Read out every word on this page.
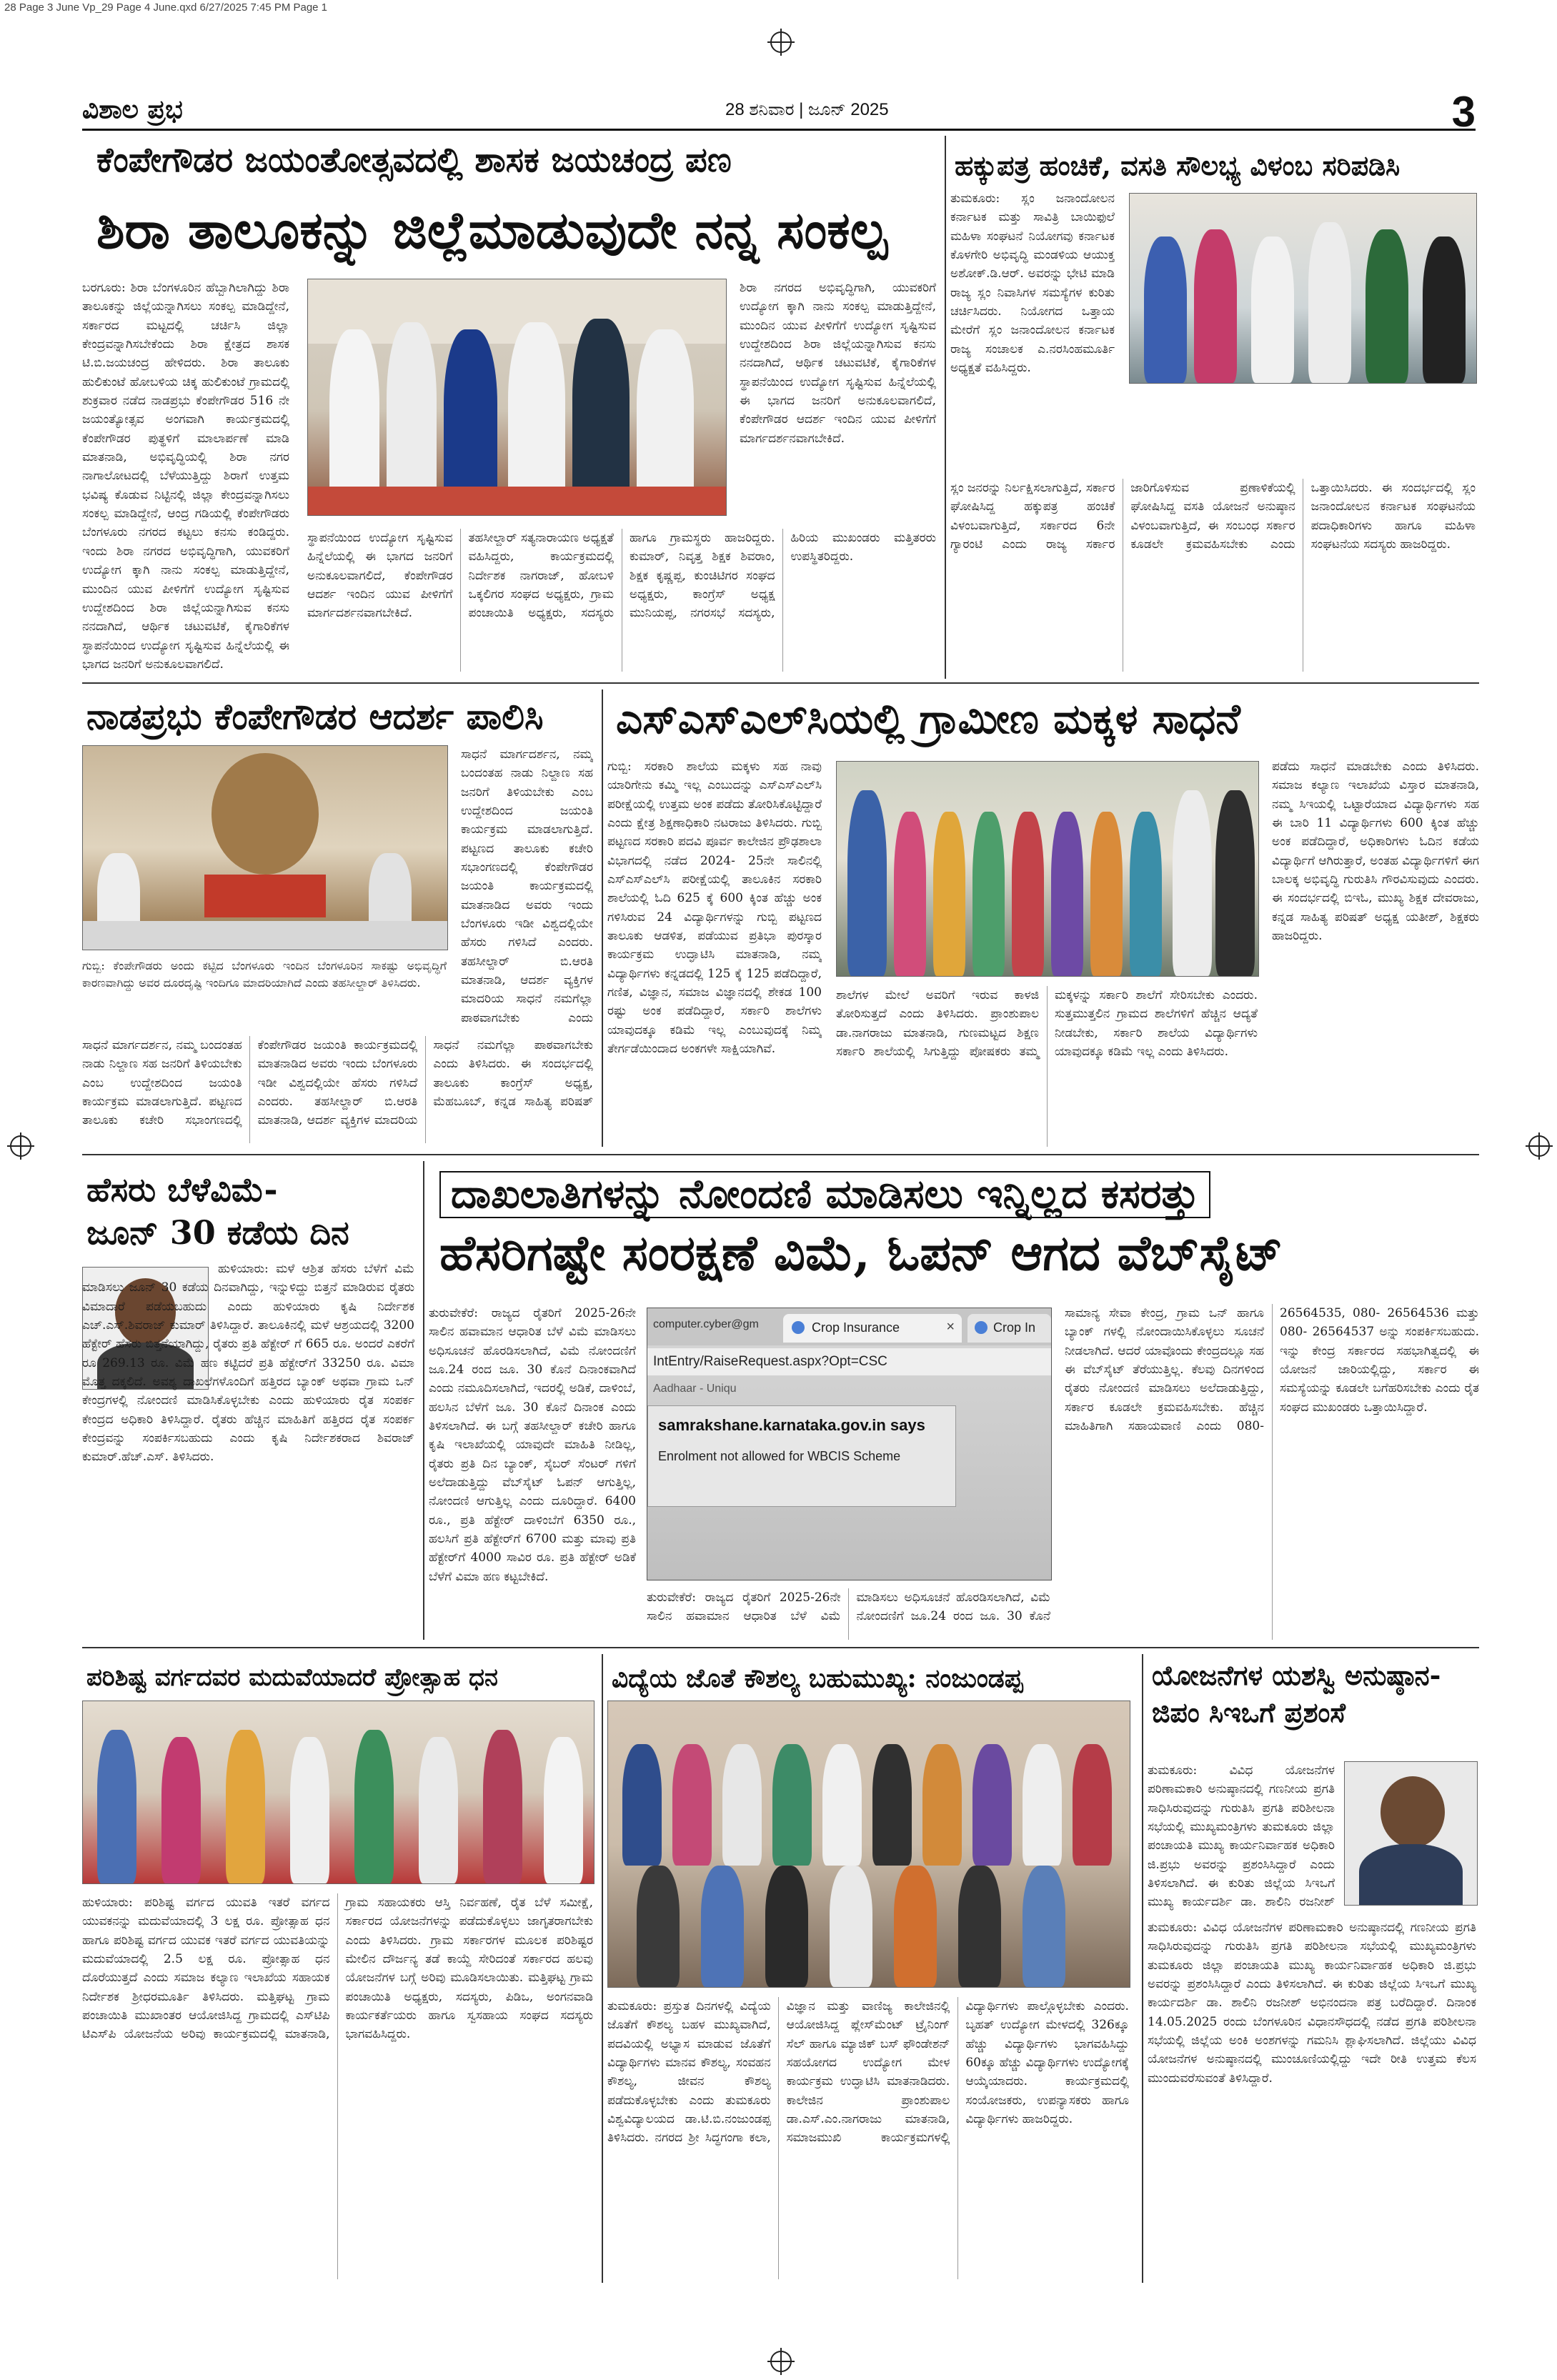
28 Page 3 June Vp_29 Page 4 June.qxd 6/27/2025 7:45 PM Page 1
ವಿಶಾಲ ಪ್ರಭ	28 ಶನಿವಾರ | ಜೂನ್ 2025	3
ಕೆಂಪೇಗೌಡರ ಜಯಂತೋತ್ಸವದಲ್ಲಿ ಶಾಸಕ ಜಯಚಂದ್ರ ಪಣ
ಶಿರಾ ತಾಲೂಕನ್ನು ಜಿಲ್ಲೆಮಾಡುವುದೇ ನನ್ನ ಸಂಕಲ್ಪ
ಬರಗೂರು: ಶಿರಾ ಬೆಂಗಳೂರಿನ ಹೆಬ್ಬಾಗಿಲಾಗಿದ್ದು ಶಿರಾ ತಾಲೂಕನ್ನು ಜಿಲ್ಲೆಯನ್ನಾಗಿಸಲು ಸಂಕಲ್ಪ ಮಾಡಿದ್ದೇನೆ, ಸರ್ಕಾರದ ಮಟ್ಟದಲ್ಲಿ ಚರ್ಚಿಸಿ ಜಿಲ್ಲಾ ಕೇಂದ್ರವನ್ನಾಗಿಸಬೇಕೆಂದು ಶಿರಾ ಕ್ಷೇತ್ರದ ಶಾಸಕ ಟಿ.ಬಿ.ಜಯಚಂದ್ರ ಹೇಳಿದರು. ಶಿರಾ ತಾಲೂಕು ಹುಲಿಕುಂಟೆ ಹೋಬಳಿಯ ಚಿಕ್ಕ ಹುಲಿಕುಂಟೆ ಗ್ರಾಮದಲ್ಲಿ ಶುಕ್ರವಾರ ನಡೆದ ನಾಡಪ್ರಭು ಕೆಂಪೇಗೌಡರ 516 ನೇ ಜಯಂತ್ಯೋತ್ಸವ ಅಂಗವಾಗಿ ಕಾರ್ಯಕ್ರಮದಲ್ಲಿ ಕೆಂಪೇಗೌಡರ ಪುತ್ಥಳಿಗೆ ಮಾಲಾರ್ಪಣೆ ಮಾಡಿ ಮಾತನಾಡಿ, ಅಭಿವೃದ್ಧಿಯಲ್ಲಿ ಶಿರಾ ನಗರ ನಾಗಾಲೋಟದಲ್ಲಿ ಬೆಳೆಯುತ್ತಿದ್ದು ಶಿರಾಗೆ ಉತ್ತಮ ಭವಿಷ್ಯ ಕೊಡುವ ನಿಟ್ಟಿನಲ್ಲಿ ಜಿಲ್ಲಾ ಕೇಂದ್ರವನ್ನಾಗಿಸಲು ಸಂಕಲ್ಪ ಮಾಡಿದ್ದೇನೆ, ಆಂದ್ರ ಗಡಿಯಲ್ಲಿ ಕೆಂಪೇಗೌಡರು ಬೆಂಗಳೂರು ನಗರದ ಕಟ್ಟಲು ಕನಸು ಕಂಡಿದ್ದರು. ಇಂದು ಶಿರಾ ನಗರದ ಅಭಿವೃದ್ಧಿಗಾಗಿ, ಯುವಕರಿಗೆ ಉದ್ಯೋಗ ಕ್ಕಾಗಿ ನಾನು ಸಂಕಲ್ಪ ಮಾಡುತ್ತಿದ್ದೇನೆ, ಮುಂದಿನ ಯುವ ಪೀಳಿಗೆಗೆ ಉದ್ಯೋಗ ಸೃಷ್ಟಿಸುವ ಉದ್ದೇಶದಿಂದ ಶಿರಾ ಜಿಲ್ಲೆಯನ್ನಾಗಿಸುವ ಕನಸು ನನದಾಗಿದೆ, ಆರ್ಥಿಕ ಚಟುವಟಿಕೆ, ಕೈಗಾರಿಕೆಗಳ ಸ್ಥಾಪನೆಯಿಂದ ಉದ್ಯೋಗ ಸೃಷ್ಟಿಸುವ ಹಿನ್ನೆಲೆಯಲ್ಲಿ ಈ ಭಾಗದ ಜನರಿಗೆ ಅನುಕೂಲವಾಗಲಿದೆ.
ಶಿರಾ ನಗರದ ಅಭಿವೃದ್ಧಿಗಾಗಿ, ಯುವಕರಿಗೆ ಉದ್ಯೋಗ ಕ್ಕಾಗಿ ನಾನು ಸಂಕಲ್ಪ ಮಾಡುತ್ತಿದ್ದೇನೆ, ಮುಂದಿನ ಯುವ ಪೀಳಿಗೆಗೆ ಉದ್ಯೋಗ ಸೃಷ್ಟಿಸುವ ಉದ್ದೇಶದಿಂದ ಶಿರಾ ಜಿಲ್ಲೆಯನ್ನಾಗಿಸುವ ಕನಸು ನನದಾಗಿದೆ, ಆರ್ಥಿಕ ಚಟುವಟಿಕೆ, ಕೈಗಾರಿಕೆಗಳ ಸ್ಥಾಪನೆಯಿಂದ ಉದ್ಯೋಗ ಸೃಷ್ಟಿಸುವ ಹಿನ್ನೆಲೆಯಲ್ಲಿ ಈ ಭಾಗದ ಜನರಿಗೆ ಅನುಕೂಲವಾಗಲಿದೆ, ಕೆಂಪೇಗೌಡರ ಆದರ್ಶ ಇಂದಿನ ಯುವ ಪೀಳಿಗೆಗೆ ಮಾರ್ಗದರ್ಶನವಾಗಬೇಕಿದೆ.
ಸ್ಥಾಪನೆಯಿಂದ ಉದ್ಯೋಗ ಸೃಷ್ಟಿಸುವ ಹಿನ್ನೆಲೆಯಲ್ಲಿ ಈ ಭಾಗದ ಜನರಿಗೆ ಅನುಕೂಲವಾಗಲಿದೆ, ಕೆಂಪೇಗೌಡರ ಆದರ್ಶ ಇಂದಿನ ಯುವ ಪೀಳಿಗೆಗೆ ಮಾರ್ಗದರ್ಶನವಾಗಬೇಕಿದೆ. ತಹಸೀಲ್ದಾರ್ ಸತ್ಯನಾರಾಯಣ ಅಧ್ಯಕ್ಷತೆ ವಹಿಸಿದ್ದರು, ಕಾರ್ಯಕ್ರಮದಲ್ಲಿ ನಿರ್ದೇಶಕ ನಾಗರಾಜ್, ಹೋಬಳಿ ಒಕ್ಕಲಿಗರ ಸಂಘದ ಅಧ್ಯಕ್ಷರು, ಗ್ರಾಮ ಪಂಚಾಯಿತಿ ಅಧ್ಯಕ್ಷರು, ಸದಸ್ಯರು ಹಾಗೂ ಗ್ರಾಮಸ್ಥರು ಹಾಜರಿದ್ದರು. ಕುಮಾರ್, ನಿವೃತ್ತ ಶಿಕ್ಷಕ ಶಿವರಾಂ, ಶಿಕ್ಷಕ ಕೃಷ್ಣಪ್ಪ, ಕುಂಚಿಟಿಗರ ಸಂಘದ ಅಧ್ಯಕ್ಷರು, ಕಾಂಗ್ರೆಸ್ ಅಧ್ಯಕ್ಷ ಮುನಿಯಪ್ಪ, ನಗರಸಭೆ ಸದಸ್ಯರು, ಹಿರಿಯ ಮುಖಂಡರು ಮತ್ತಿತರರು ಉಪಸ್ಥಿತರಿದ್ದರು.
ಹಕ್ಕುಪತ್ರ ಹಂಚಿಕೆ, ವಸತಿ ಸೌಲಭ್ಯ ವಿಳಂಬ ಸರಿಪಡಿಸಿ
ತುಮಕೂರು: ಸ್ಲಂ ಜನಾಂದೋಲನ ಕರ್ನಾಟಕ ಮತ್ತು ಸಾವಿತ್ರಿ ಬಾಯಿಫುಲೆ ಮಹಿಳಾ ಸಂಘಟನೆ ನಿಯೋಗವು ಕರ್ನಾಟಕ ಕೊಳಗೇರಿ ಅಭಿವೃದ್ಧಿ ಮಂಡಳಿಯ ಆಯುಕ್ತ ಅಶೋಕ್.ಡಿ.ಆರ್. ಅವರನ್ನು ಭೇಟಿ ಮಾಡಿ ರಾಜ್ಯ ಸ್ಲಂ ನಿವಾಸಿಗಳ ಸಮಸ್ಯೆಗಳ ಕುರಿತು ಚರ್ಚಿಸಿದರು. ನಿಯೋಗದ ಒತ್ತಾಯ ಮೇರೆಗೆ ಸ್ಲಂ ಜನಾಂದೋಲನ ಕರ್ನಾಟಕ ರಾಜ್ಯ ಸಂಚಾಲಕ ಎ.ನರಸಿಂಹಮೂರ್ತಿ ಅಧ್ಯಕ್ಷತೆ ವಹಿಸಿದ್ದರು.
ಸ್ಲಂ ಜನರನ್ನು ನಿರ್ಲಕ್ಷಿಸಲಾಗುತ್ತಿದೆ, ಸರ್ಕಾರ ಘೋಷಿಸಿದ್ದ ಹಕ್ಕುಪತ್ರ ಹಂಚಿಕೆ ವಿಳಂಬವಾಗುತ್ತಿದೆ, ಸರ್ಕಾರದ 6ನೇ ಗ್ಯಾರಂಟಿ ಎಂದು ರಾಜ್ಯ ಸರ್ಕಾರ ಜಾರಿಗೊಳಿಸುವ ಪ್ರಣಾಳಿಕೆಯಲ್ಲಿ ಘೋಷಿಸಿದ್ದ ವಸತಿ ಯೋಜನೆ ಅನುಷ್ಠಾನ ವಿಳಂಬವಾಗುತ್ತಿದೆ, ಈ ಸಂಬಂಧ ಸರ್ಕಾರ ಕೂಡಲೇ ಕ್ರಮವಹಿಸಬೇಕು ಎಂದು ಒತ್ತಾಯಿಸಿದರು. ಈ ಸಂದರ್ಭದಲ್ಲಿ ಸ್ಲಂ ಜನಾಂದೋಲನ ಕರ್ನಾಟಕ ಸಂಘಟನೆಯ ಪದಾಧಿಕಾರಿಗಳು ಹಾಗೂ ಮಹಿಳಾ ಸಂಘಟನೆಯ ಸದಸ್ಯರು ಹಾಜರಿದ್ದರು.
ನಾಡಪ್ರಭು ಕೆಂಪೇಗೌಡರ ಆದರ್ಶ ಪಾಲಿಸಿ
ಗುಬ್ಬಿ: ಕೆಂಪೇಗೌಡರು ಅಂದು ಕಟ್ಟಿದ ಬೆಂಗಳೂರು ಇಂದಿನ ಬೆಂಗಳೂರಿನ ಸಾಕಷ್ಟು ಅಭಿವೃದ್ಧಿಗೆ ಕಾರಣವಾಗಿದ್ದು ಅವರ ದೂರದೃಷ್ಟಿ ಇಂದಿಗೂ ಮಾದರಿಯಾಗಿದೆ ಎಂದು ತಹಸೀಲ್ದಾರ್ ತಿಳಿಸಿದರು.
ಸಾಧನೆ ಮಾರ್ಗದರ್ಶನ, ನಮ್ಮ ಬಂದಂತಹ ನಾಡು ನಿಲ್ದಾಣ ಸಹ ಜನರಿಗೆ ತಿಳಿಯಬೇಕು ಎಂಬ ಉದ್ದೇಶದಿಂದ ಜಯಂತಿ ಕಾರ್ಯಕ್ರಮ ಮಾಡಲಾಗುತ್ತಿದೆ. ಪಟ್ಟಣದ ತಾಲೂಕು ಕಚೇರಿ ಸಭಾಂಗಣದಲ್ಲಿ ಕೆಂಪೇಗೌಡರ ಜಯಂತಿ ಕಾರ್ಯಕ್ರಮದಲ್ಲಿ ಮಾತನಾಡಿದ ಅವರು ಇಂದು ಬೆಂಗಳೂರು ಇಡೀ ವಿಶ್ವದಲ್ಲಿಯೇ ಹೆಸರು ಗಳಿಸಿದೆ ಎಂದರು. ತಹಸೀಲ್ದಾರ್ ಬಿ.ಆರತಿ ಮಾತನಾಡಿ, ಆದರ್ಶ ವ್ಯಕ್ತಿಗಳ ಮಾದರಿಯ ಸಾಧನೆ ನಮಗೆಲ್ಲಾ ಪಾಠವಾಗಬೇಕು ಎಂದು
ಸಾಧನೆ ಮಾರ್ಗದರ್ಶನ, ನಮ್ಮ ಬಂದಂತಹ ನಾಡು ನಿಲ್ದಾಣ ಸಹ ಜನರಿಗೆ ತಿಳಿಯಬೇಕು ಎಂಬ ಉದ್ದೇಶದಿಂದ ಜಯಂತಿ ಕಾರ್ಯಕ್ರಮ ಮಾಡಲಾಗುತ್ತಿದೆ. ಪಟ್ಟಣದ ತಾಲೂಕು ಕಚೇರಿ ಸಭಾಂಗಣದಲ್ಲಿ ಕೆಂಪೇಗೌಡರ ಜಯಂತಿ ಕಾರ್ಯಕ್ರಮದಲ್ಲಿ ಮಾತನಾಡಿದ ಅವರು ಇಂದು ಬೆಂಗಳೂರು ಇಡೀ ವಿಶ್ವದಲ್ಲಿಯೇ ಹೆಸರು ಗಳಿಸಿದೆ ಎಂದರು. ತಹಸೀಲ್ದಾರ್ ಬಿ.ಆರತಿ ಮಾತನಾಡಿ, ಆದರ್ಶ ವ್ಯಕ್ತಿಗಳ ಮಾದರಿಯ ಸಾಧನೆ ನಮಗೆಲ್ಲಾ ಪಾಠವಾಗಬೇಕು ಎಂದು ತಿಳಿಸಿದರು. ಈ ಸಂದರ್ಭದಲ್ಲಿ ತಾಲೂಕು ಕಾಂಗ್ರೆಸ್ ಅಧ್ಯಕ್ಷ, ಮೆಹಬೂಬ್, ಕನ್ನಡ ಸಾಹಿತ್ಯ ಪರಿಷತ್
ಎಸ್‌ಎಸ್‌ಎಲ್‌ಸಿಯಲ್ಲಿ ಗ್ರಾಮೀಣ ಮಕ್ಕಳ ಸಾಧನೆ
ಗುಬ್ಬಿ: ಸರಕಾರಿ ಶಾಲೆಯ ಮಕ್ಕಳು ಸಹ ನಾವು ಯಾರಿಗೇನು ಕಮ್ಮಿ ಇಲ್ಲ ಎಂಬುದನ್ನು ಎಸ್‌ಎಸ್‌ಎಲ್‌ಸಿ ಪರೀಕ್ಷೆಯಲ್ಲಿ ಉತ್ತಮ ಅಂಕ ಪಡೆದು ತೋರಿಸಿಕೊಟ್ಟಿದ್ದಾರೆ ಎಂದು ಕ್ಷೇತ್ರ ಶಿಕ್ಷಣಾಧಿಕಾರಿ ನಟರಾಜು ತಿಳಿಸಿದರು. ಗುಬ್ಬಿ ಪಟ್ಟಣದ ಸರಕಾರಿ ಪದವಿ ಪೂರ್ವ ಕಾಲೇಜಿನ ಪ್ರೌಢಶಾಲಾ ವಿಭಾಗದಲ್ಲಿ ನಡೆದ 2024- 25ನೇ ಸಾಲಿನಲ್ಲಿ ಎಸ್‌ಎಸ್‌ಎಲ್‌ಸಿ ಪರೀಕ್ಷೆಯಲ್ಲಿ ತಾಲೂಕಿನ ಸರಕಾರಿ ಶಾಲೆಯಲ್ಲಿ ಓದಿ 625 ಕ್ಕೆ 600 ಕ್ಕಿಂತ ಹೆಚ್ಚು ಅಂಕ ಗಳಿಸಿರುವ 24 ವಿದ್ಯಾರ್ಥಿಗಳನ್ನು ಗುಬ್ಬಿ ಪಟ್ಟಣದ ತಾಲೂಕು ಆಡಳಿತ, ಪಡೆಯುವ ಪ್ರತಿಭಾ ಪುರಸ್ಕಾರ ಕಾರ್ಯಕ್ರಮ ಉದ್ಘಾಟಿಸಿ ಮಾತನಾಡಿ, ನಮ್ಮ ವಿದ್ಯಾರ್ಥಿಗಳು ಕನ್ನಡದಲ್ಲಿ 125 ಕ್ಕೆ 125 ಪಡೆದಿದ್ದಾರೆ, ಗಣಿತ, ವಿಜ್ಞಾನ, ಸಮಾಜ ವಿಜ್ಞಾನದಲ್ಲಿ ಶೇಕಡ 100 ರಷ್ಟು ಅಂಕ ಪಡೆದಿದ್ದಾರೆ, ಸರ್ಕಾರಿ ಶಾಲೆಗಳು ಯಾವುದಕ್ಕೂ ಕಡಿಮೆ ಇಲ್ಲ ಎಂಬುವುದಕ್ಕೆ ನಿಮ್ಮ ತೇರ್ಗಡೆಯಿಂದಾದ ಅಂಕಗಳೇ ಸಾಕ್ಷಿಯಾಗಿವೆ.
ಪಡೆದು ಸಾಧನೆ ಮಾಡಬೇಕು ಎಂದು ತಿಳಿಸಿದರು. ಸಮಾಜ ಕಲ್ಯಾಣ ಇಲಾಖೆಯ ವಿಸ್ತಾರ ಮಾತನಾಡಿ, ನಮ್ಮ ಸಿಇಯಲ್ಲಿ ಒಟ್ಟಾರೆಯಾದ ವಿದ್ಯಾರ್ಥಿಗಳು ಸಹ ಈ ಬಾರಿ 11 ವಿದ್ಯಾರ್ಥಿಗಳು 600 ಕ್ಕಿಂತ ಹೆಚ್ಚು ಅಂಕ ಪಡೆದಿದ್ದಾರೆ, ಅಧಿಕಾರಿಗಳು ಓದಿನ ಕಡೆಯ ವಿದ್ಯಾರ್ಥಿಗೆ ಆಗಿರುತ್ತಾರೆ, ಅಂತಹ ವಿದ್ಯಾರ್ಥಿಗಳಿಗೆ ಈಗ ಬಾಲಕ್ಕ ಅಭಿವೃದ್ಧಿ ಗುರುತಿಸಿ ಗೌರವಿಸುವುದು ಎಂದರು. ಈ ಸಂದರ್ಭದಲ್ಲಿ ಬಿಇಓ, ಮುಖ್ಯ ಶಿಕ್ಷಕ ದೇವರಾಜು, ಕನ್ನಡ ಸಾಹಿತ್ಯ ಪರಿಷತ್ ಅಧ್ಯಕ್ಷ ಯತೀಶ್, ಶಿಕ್ಷಕರು ಹಾಜರಿದ್ದರು.
ಶಾಲೆಗಳ ಮೇಲೆ ಅವರಿಗೆ ಇರುವ ಕಾಳಜಿ ತೋರಿಸುತ್ತದೆ ಎಂದು ತಿಳಿಸಿದರು. ಪ್ರಾಂಶುಪಾಲ ಡಾ.ನಾಗರಾಜು ಮಾತನಾಡಿ, ಗುಣಮಟ್ಟದ ಶಿಕ್ಷಣ ಸರ್ಕಾರಿ ಶಾಲೆಯಲ್ಲಿ ಸಿಗುತ್ತಿದ್ದು ಪೋಷಕರು ತಮ್ಮ ಮಕ್ಕಳನ್ನು ಸರ್ಕಾರಿ ಶಾಲೆಗೆ ಸೇರಿಸಬೇಕು ಎಂದರು. ಸುತ್ತಮುತ್ತಲಿನ ಗ್ರಾಮದ ಶಾಲೆಗಳಿಗೆ ಹೆಚ್ಚಿನ ಆದ್ಯತೆ ನೀಡಬೇಕು, ಸರ್ಕಾರಿ ಶಾಲೆಯ ವಿದ್ಯಾರ್ಥಿಗಳು ಯಾವುದಕ್ಕೂ ಕಡಿಮೆ ಇಲ್ಲ ಎಂದು ತಿಳಿಸಿದರು.
ಹೆಸರು ಬೆಳೆವಿಮೆ-
ಜೂನ್ 30 ಕಡೆಯ ದಿನ
ಹುಳಿಯಾರು: ಮಳೆ ಆಶ್ರಿತ ಹೆಸರು ಬೆಳೆಗೆ ವಿಮೆ ಮಾಡಿಸಲು ಜೂನ್ 30 ಕಡೆಯ ದಿನವಾಗಿದ್ದು, ಇನ್ನುಳಿದ್ದು ಬಿತ್ತನೆ ಮಾಡಿರುವ ರೈತರು ವಿಮಾದಾರೆ ಪಡೆಯಬಹುದು ಎಂದು ಹುಳಿಯಾರು ಕೃಷಿ ನಿರ್ದೇಶಕ ಎಚ್.ಎಸ್.ಶಿವರಾಜ್ ಕುಮಾರ್ ತಿಳಿಸಿದ್ದಾರೆ. ತಾಲೂಕಿನಲ್ಲಿ ಮಳೆ ಆಶ್ರಯದಲ್ಲಿ 3200 ಹೆಕ್ಟೇರ್ ಹೆಸರು ಬಿತ್ತನೆಯಾಗಿದ್ದು, ರೈತರು ಪ್ರತಿ ಹೆಕ್ಟೇರ್ ಗೆ 665 ರೂ. ಅಂದರೆ ಎಕರೆಗೆ ರೂ 269.13 ರೂ. ವಿಮೆ ಹಣ ಕಟ್ಟಿದರೆ ಪ್ರತಿ ಹೆಕ್ಟೇರ್‌ಗೆ 33250 ರೂ. ವಿಮಾ ಮೊತ್ತ ದಕ್ಕಲಿದೆ. ಅವಶ್ಯ ದಾಖಲೆಗಳೊಂದಿಗೆ ಹತ್ತಿರದ ಬ್ಯಾಂಕ್ ಅಥವಾ ಗ್ರಾಮ ಒನ್ ಕೇಂದ್ರಗಳಲ್ಲಿ ನೋಂದಣಿ ಮಾಡಿಸಿಕೊಳ್ಳಬೇಕು ಎಂದು ಹುಳಿಯಾರು ರೈತ ಸಂಪರ್ಕ ಕೇಂದ್ರದ ಅಧಿಕಾರಿ ತಿಳಿಸಿದ್ದಾರೆ. ರೈತರು ಹೆಚ್ಚಿನ ಮಾಹಿತಿಗೆ ಹತ್ತಿರದ ರೈತ ಸಂಪರ್ಕ ಕೇಂದ್ರವನ್ನು ಸಂಪರ್ಕಿಸಬಹುದು ಎಂದು ಕೃಷಿ ನಿರ್ದೇಶಕರಾದ ಶಿವರಾಜ್ ಕುಮಾರ್.ಹೆಚ್.ಎಸ್. ತಿಳಿಸಿದರು.
ದಾಖಲಾತಿಗಳನ್ನು ನೋಂದಣಿ ಮಾಡಿಸಲು ಇನ್ನಿಲ್ಲದ ಕಸರತ್ತು
ಹೆಸರಿಗಷ್ಟೇ ಸಂರಕ್ಷಣೆ ವಿಮೆ, ಓಪನ್ ಆಗದ ವೆಬ್‌ಸೈಟ್
ತುರುವೇಕೆರೆ: ರಾಜ್ಯದ ರೈತರಿಗೆ 2025-26ನೇ ಸಾಲಿನ ಹವಾಮಾನ ಆಧಾರಿತ ಬೆಳೆ ವಿಮೆ ಮಾಡಿಸಲು ಅಧಿಸೂಚನೆ ಹೊರಡಿಸಲಾಗಿದೆ, ವಿಮೆ ನೋಂದಣಿಗೆ ಜೂ.24 ರಂದ ಜೂ. 30 ಕೊನೆ ದಿನಾಂಕವಾಗಿದೆ ಎಂದು ನಮೂದಿಸಲಾಗಿದೆ, ಇದರಲ್ಲಿ ಅಡಿಕೆ, ದಾಳಿಂಬೆ, ಹಲಸಿನ ಬೆಳೆಗೆ ಜೂ. 30 ಕೊನೆ ದಿನಾಂಕ ಎಂದು ತಿಳಿಸಲಾಗಿದೆ. ಈ ಬಗ್ಗೆ ತಹಸೀಲ್ದಾರ್ ಕಚೇರಿ ಹಾಗೂ ಕೃಷಿ ಇಲಾಖೆಯಲ್ಲಿ ಯಾವುದೇ ಮಾಹಿತಿ ನೀಡಿಲ್ಲ, ರೈತರು ಪ್ರತಿ ದಿನ ಬ್ಯಾಂಕ್, ಸೈಬರ್ ಸೆಂಟರ್ ಗಳಿಗೆ ಅಲೆದಾಡುತ್ತಿದ್ದು ವೆಬ್‌ಸೈಟ್ ಓಪನ್ ಆಗುತ್ತಿಲ್ಲ, ನೋಂದಣಿ ಆಗುತ್ತಿಲ್ಲ ಎಂದು ದೂರಿದ್ದಾರೆ. 6400 ರೂ., ಪ್ರತಿ ಹೆಕ್ಟೇರ್ ದಾಳಿಂಬೆಗೆ 6350 ರೂ., ಹಲಸಿಗೆ ಪ್ರತಿ ಹೆಕ್ಟೇರ್‌ಗೆ 6700 ಮತ್ತು ಮಾವು ಪ್ರತಿ ಹೆಕ್ಟೇರ್‌ಗೆ 4000 ಸಾವಿರ ರೂ. ಪ್ರತಿ ಹೆಕ್ಟೇರ್ ಅಡಿಕೆ ಬೆಳೆಗೆ ವಿಮಾ ಹಣ ಕಟ್ಟಬೇಕಿದೆ.
computer.cyber@gm	Crop Insurance	×	Crop In
IntEntry/RaiseRequest.aspx?Opt=CSC
Aadhaar - Uniqu
samrakshane.karnataka.gov.in says
Enrolment not allowed for WBCIS Scheme
ತುರುವೇಕೆರೆ: ರಾಜ್ಯದ ರೈತರಿಗೆ 2025-26ನೇ ಸಾಲಿನ ಹವಾಮಾನ ಆಧಾರಿತ ಬೆಳೆ ವಿಮೆ ಮಾಡಿಸಲು ಅಧಿಸೂಚನೆ ಹೊರಡಿಸಲಾಗಿದೆ, ವಿಮೆ ನೋಂದಣಿಗೆ ಜೂ.24 ರಂದ ಜೂ. 30 ಕೊನೆ
ಸಾಮಾನ್ಯ ಸೇವಾ ಕೇಂದ್ರ, ಗ್ರಾಮ ಒನ್ ಹಾಗೂ ಬ್ಯಾಂಕ್ ಗಳಲ್ಲಿ ನೋಂದಾಯಿಸಿಕೊಳ್ಳಲು ಸೂಚನೆ ನೀಡಲಾಗಿದೆ. ಆದರೆ ಯಾವೊಂದು ಕೇಂದ್ರದಲ್ಲೂ ಸಹ ಈ ವೆಬ್‌ಸೈಟ್ ತೆರೆಯುತ್ತಿಲ್ಲ. ಕೆಲವು ದಿನಗಳಿಂದ ರೈತರು ನೋಂದಣಿ ಮಾಡಿಸಲು ಅಲೆದಾಡುತ್ತಿದ್ದು, ಸರ್ಕಾರ ಕೂಡಲೇ ಕ್ರಮವಹಿಸಬೇಕು. ಹೆಚ್ಚಿನ ಮಾಹಿತಿಗಾಗಿ ಸಹಾಯವಾಣಿ ಎಂದು 080- 26564535, 080- 26564536 ಮತ್ತು 080- 26564537 ಅನ್ನು ಸಂಪರ್ಕಿಸಬಹುದು. ಇನ್ನು ಕೇಂದ್ರ ಸರ್ಕಾರದ ಸಹಭಾಗಿತ್ವದಲ್ಲಿ ಈ ಯೋಜನೆ ಜಾರಿಯಲ್ಲಿದ್ದು, ಸರ್ಕಾರ ಈ ಸಮಸ್ಯೆಯನ್ನು ಕೂಡಲೇ ಬಗೆಹರಿಸಬೇಕು ಎಂದು ರೈತ ಸಂಘದ ಮುಖಂಡರು ಒತ್ತಾಯಿಸಿದ್ದಾರೆ.
ಪರಿಶಿಷ್ಟ ವರ್ಗದವರ ಮದುವೆಯಾದರೆ ಪ್ರೋತ್ಸಾಹ ಧನ
ಹುಳಿಯಾರು: ಪರಿಶಿಷ್ಟ ವರ್ಗದ ಯುವತಿ ಇತರೆ ವರ್ಗದ ಯುವಕನನ್ನು ಮದುವೆಯಾದಲ್ಲಿ 3 ಲಕ್ಷ ರೂ. ಪ್ರೋತ್ಸಾಹ ಧನ ಹಾಗೂ ಪರಿಶಿಷ್ಟ ವರ್ಗದ ಯುವಕ ಇತರೆ ವರ್ಗದ ಯುವತಿಯನ್ನು ಮದುವೆಯಾದಲ್ಲಿ 2.5 ಲಕ್ಷ ರೂ. ಪ್ರೋತ್ಸಾಹ ಧನ ದೊರೆಯುತ್ತದೆ ಎಂದು ಸಮಾಜ ಕಲ್ಯಾಣ ಇಲಾಖೆಯ ಸಹಾಯಕ ನಿರ್ದೇಶಕ ಶ್ರೀಧರಮೂರ್ತಿ ತಿಳಿಸಿದರು. ಮತ್ತಿಘಟ್ಟ ಗ್ರಾಮ ಪಂಚಾಯಿತಿ ಮುಖಾಂತರ ಆಯೋಜಿಸಿದ್ದ ಗ್ರಾಮದಲ್ಲಿ ಎಸ್‌ಟಿಪಿ ಟಿಎಸ್‌ಪಿ ಯೋಜನೆಯ ಅರಿವು ಕಾರ್ಯಕ್ರಮದಲ್ಲಿ ಮಾತನಾಡಿ, ಗ್ರಾಮ ಸಹಾಯಕರು ಆಸ್ತಿ ನಿರ್ವಹಣೆ, ರೈತ ಬೆಳೆ ಸಮೀಕ್ಷೆ, ಸರ್ಕಾರದ ಯೋಜನೆಗಳನ್ನು ಪಡೆದುಕೊಳ್ಳಲು ಜಾಗೃತರಾಗಬೇಕು ಎಂದು ತಿಳಿಸಿದರು. ಗ್ರಾಮ ಸರ್ಕಾರಗಳ ಮೂಲಕ ಪರಿಶಿಷ್ಟರ ಮೇಲಿನ ದೌರ್ಜನ್ಯ ತಡೆ ಕಾಯ್ದೆ ಸೇರಿದಂತೆ ಸರ್ಕಾರದ ಹಲವು ಯೋಜನೆಗಳ ಬಗ್ಗೆ ಅರಿವು ಮೂಡಿಸಲಾಯಿತು. ಮತ್ತಿಘಟ್ಟ ಗ್ರಾಮ ಪಂಚಾಯಿತಿ ಅಧ್ಯಕ್ಷರು, ಸದಸ್ಯರು, ಪಿಡಿಒ, ಅಂಗನವಾಡಿ ಕಾರ್ಯಕರ್ತೆಯರು ಹಾಗೂ ಸ್ವಸಹಾಯ ಸಂಘದ ಸದಸ್ಯರು ಭಾಗವಹಿಸಿದ್ದರು.
ವಿದ್ಯೆಯ ಜೊತೆ ಕೌಶಲ್ಯ ಬಹುಮುಖ್ಯ: ನಂಜುಂಡಪ್ಪ
ತುಮಕೂರು: ಪ್ರಸ್ತುತ ದಿನಗಳಲ್ಲಿ ವಿದ್ಯೆಯ ಜೊತೆಗೆ ಕೌಶಲ್ಯ ಬಹಳ ಮುಖ್ಯವಾಗಿದೆ, ಪದವಿಯಲ್ಲಿ ಅಭ್ಯಾಸ ಮಾಡುವ ಜೊತೆಗೆ ವಿದ್ಯಾರ್ಥಿಗಳು ಮಾನವ ಕೌಶಲ್ಯ, ಸಂವಹನ ಕೌಶಲ್ಯ, ಜೀವನ ಕೌಶಲ್ಯ ಪಡೆದುಕೊಳ್ಳಬೇಕು ಎಂದು ತುಮಕೂರು ವಿಶ್ವವಿದ್ಯಾಲಯದ ಡಾ.ಟಿ.ಬಿ.ನಂಜುಂಡಪ್ಪ ತಿಳಿಸಿದರು. ನಗರದ ಶ್ರೀ ಸಿದ್ಧಗಂಗಾ ಕಲಾ, ವಿಜ್ಞಾನ ಮತ್ತು ವಾಣಿಜ್ಯ ಕಾಲೇಜಿನಲ್ಲಿ ಆಯೋಜಿಸಿದ್ದ ಪ್ಲೇಸ್‌ಮೆಂಟ್ ಟ್ರೈನಿಂಗ್ ಸೆಲ್ ಹಾಗೂ ಮ್ಯಾಜಿಕ್ ಬಸ್ ಫೌಂಡೇಶನ್ ಸಹಯೋಗದ ಉದ್ಯೋಗ ಮೇಳ ಕಾರ್ಯಕ್ರಮ ಉದ್ಘಾಟಿಸಿ ಮಾತನಾಡಿದರು. ಕಾಲೇಜಿನ ಪ್ರಾಂಶುಪಾಲ ಡಾ.ಎಸ್.ಎಂ.ನಾಗರಾಜು ಮಾತನಾಡಿ, ಸಮಾಜಮುಖಿ ಕಾರ್ಯಕ್ರಮಗಳಲ್ಲಿ ವಿದ್ಯಾರ್ಥಿಗಳು ಪಾಲ್ಗೊಳ್ಳಬೇಕು ಎಂದರು. ಬೃಹತ್ ಉದ್ಯೋಗ ಮೇಳದಲ್ಲಿ 326ಕ್ಕೂ ಹೆಚ್ಚು ವಿದ್ಯಾರ್ಥಿಗಳು ಭಾಗವಹಿಸಿದ್ದು 60ಕ್ಕೂ ಹೆಚ್ಚು ವಿದ್ಯಾರ್ಥಿಗಳು ಉದ್ಯೋಗಕ್ಕೆ ಆಯ್ಕೆಯಾದರು. ಕಾರ್ಯಕ್ರಮದಲ್ಲಿ ಸಂಯೋಜಕರು, ಉಪನ್ಯಾಸಕರು ಹಾಗೂ ವಿದ್ಯಾರ್ಥಿಗಳು ಹಾಜರಿದ್ದರು.
ಯೋಜನೆಗಳ ಯಶಸ್ವಿ ಅನುಷ್ಠಾನ-
ಜಿಪಂ ಸಿಇಒಗೆ ಪ್ರಶಂಸೆ
ತುಮಕೂರು: ವಿವಿಧ ಯೋಜನೆಗಳ ಪರಿಣಾಮಕಾರಿ ಅನುಷ್ಠಾನದಲ್ಲಿ ಗಣನೀಯ ಪ್ರಗತಿ ಸಾಧಿಸಿರುವುದನ್ನು ಗುರುತಿಸಿ ಪ್ರಗತಿ ಪರಿಶೀಲನಾ ಸಭೆಯಲ್ಲಿ ಮುಖ್ಯಮಂತ್ರಿಗಳು ತುಮಕೂರು ಜಿಲ್ಲಾ ಪಂಚಾಯತಿ ಮುಖ್ಯ ಕಾರ್ಯನಿರ್ವಾಹಕ ಅಧಿಕಾರಿ ಜಿ.ಪ್ರಭು ಅವರನ್ನು ಪ್ರಶಂಸಿಸಿದ್ದಾರೆ ಎಂದು ತಿಳಿಸಲಾಗಿದೆ. ಈ ಕುರಿತು ಜಿಲ್ಲೆಯ ಸಿಇಒಗೆ ಮುಖ್ಯ ಕಾರ್ಯದರ್ಶಿ ಡಾ. ಶಾಲಿನಿ ರಜನೀಶ್
ತುಮಕೂರು: ವಿವಿಧ ಯೋಜನೆಗಳ ಪರಿಣಾಮಕಾರಿ ಅನುಷ್ಠಾನದಲ್ಲಿ ಗಣನೀಯ ಪ್ರಗತಿ ಸಾಧಿಸಿರುವುದನ್ನು ಗುರುತಿಸಿ ಪ್ರಗತಿ ಪರಿಶೀಲನಾ ಸಭೆಯಲ್ಲಿ ಮುಖ್ಯಮಂತ್ರಿಗಳು ತುಮಕೂರು ಜಿಲ್ಲಾ ಪಂಚಾಯತಿ ಮುಖ್ಯ ಕಾರ್ಯನಿರ್ವಾಹಕ ಅಧಿಕಾರಿ ಜಿ.ಪ್ರಭು ಅವರನ್ನು ಪ್ರಶಂಸಿಸಿದ್ದಾರೆ ಎಂದು ತಿಳಿಸಲಾಗಿದೆ. ಈ ಕುರಿತು ಜಿಲ್ಲೆಯ ಸಿಇಒಗೆ ಮುಖ್ಯ ಕಾರ್ಯದರ್ಶಿ ಡಾ. ಶಾಲಿನಿ ರಜನೀಶ್ ಅಭಿನಂದನಾ ಪತ್ರ ಬರೆದಿದ್ದಾರೆ. ದಿನಾಂಕ 14.05.2025 ರಂದು ಬೆಂಗಳೂರಿನ ವಿಧಾನಸೌಧದಲ್ಲಿ ನಡೆದ ಪ್ರಗತಿ ಪರಿಶೀಲನಾ ಸಭೆಯಲ್ಲಿ ಜಿಲ್ಲೆಯ ಅಂಕಿ ಅಂಶಗಳನ್ನು ಗಮನಿಸಿ ಶ್ಲಾಘಿಸಲಾಗಿದೆ. ಜಿಲ್ಲೆಯು ವಿವಿಧ ಯೋಜನೆಗಳ ಅನುಷ್ಠಾನದಲ್ಲಿ ಮುಂಚೂಣಿಯಲ್ಲಿದ್ದು ಇದೇ ರೀತಿ ಉತ್ತಮ ಕೆಲಸ ಮುಂದುವರೆಸುವಂತೆ ತಿಳಿಸಿದ್ದಾರೆ.
